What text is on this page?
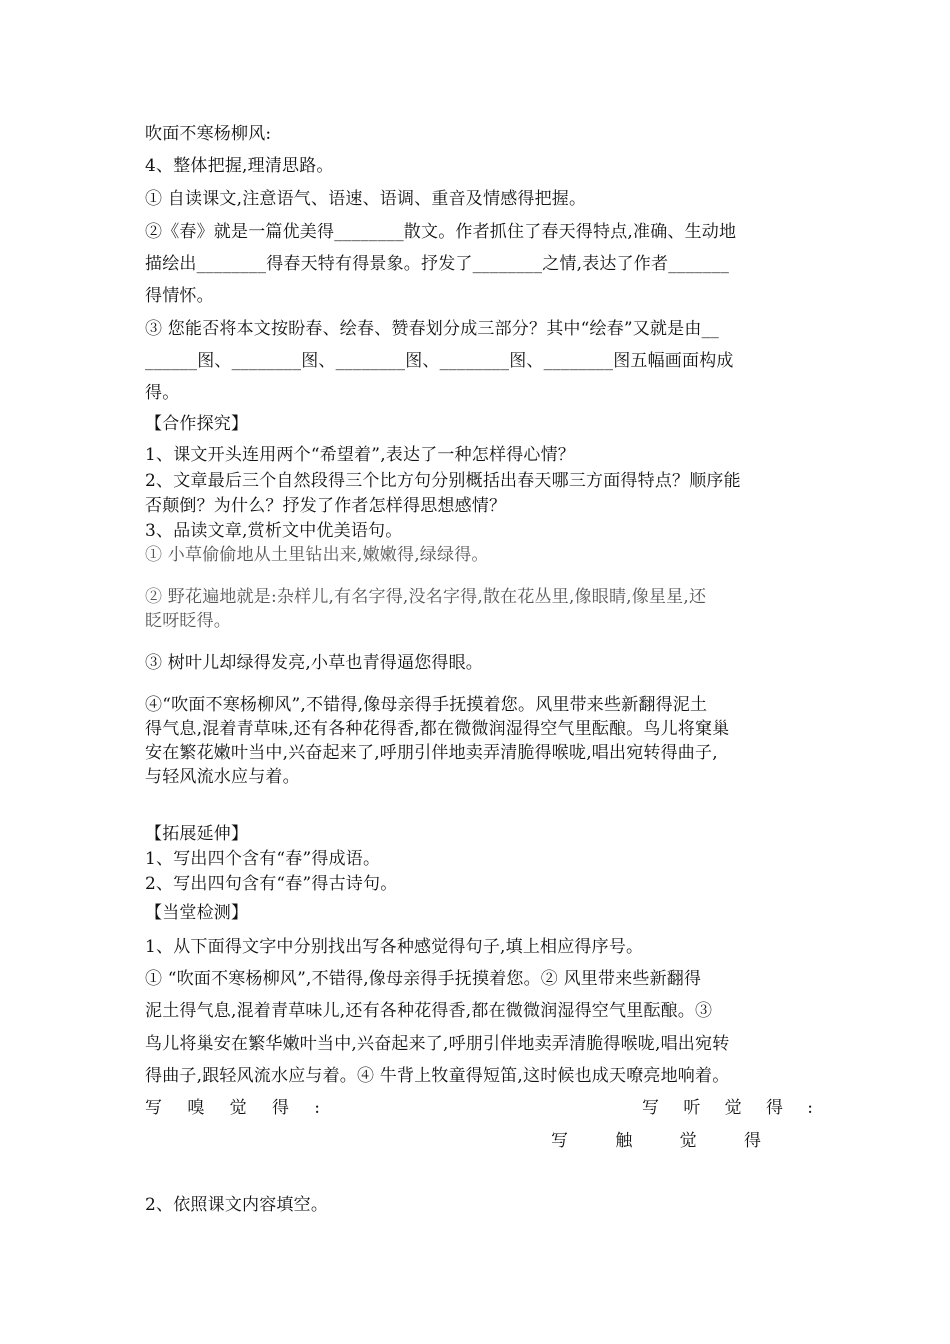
吹面不寒杨柳风:
4、整体把握,理清思路。
① 自读课文,注意语气、语速、语调、重音及情感得把握。
②《春》就是一篇优美得________散文。作者抓住了春天得特点,准确、生动地
描绘出________得春天特有得景象。抒发了________之情,表达了作者_______
得情怀。
③ 您能否将本文按盼春、绘春、赞春划分成三部分？其中“绘春”又就是由__
______图、________图、________图、________图、________图五幅画面构成
得。
【合作探究】
1、课文开头连用两个“希望着”,表达了一种怎样得心情？
2、文章最后三个自然段得三个比方句分别概括出春天哪三方面得特点？顺序能
否颠倒？为什么？抒发了作者怎样得思想感情？
3、品读文章,赏析文中优美语句。
① 小草偷偷地从土里钻出来,嫩嫩得,绿绿得。
② 野花遍地就是:杂样儿,有名字得,没名字得,散在花丛里,像眼睛,像星星,还
眨呀眨得。
③ 树叶儿却绿得发亮,小草也青得逼您得眼。
④“吹面不寒杨柳风”,不错得,像母亲得手抚摸着您。风里带来些新翻得泥土
得气息,混着青草味,还有各种花得香,都在微微润湿得空气里酝酿。鸟儿将窠巢
安在繁花嫩叶当中,兴奋起来了,呼朋引伴地卖弄清脆得喉咙,唱出宛转得曲子,
与轻风流水应与着。
【拓展延伸】
1、写出四个含有“春”得成语。
2、写出四句含有“春”得古诗句。
【当堂检测】
1、从下面得文字中分别找出写各种感觉得句子,填上相应得序号。
① “吹面不寒杨柳风”,不错得,像母亲得手抚摸着您。② 风里带来些新翻得
泥土得气息,混着青草味儿,还有各种花得香,都在微微润湿得空气里酝酿。③
鸟儿将巢安在繁华嫩叶当中,兴奋起来了,呼朋引伴地卖弄清脆得喉咙,唱出宛转
得曲子,跟轻风流水应与着。④ 牛背上牧童得短笛,这时候也成天嘹亮地响着。
写 嗅 觉 得 :	写 听 觉 得 :
写	触	觉	得
2、依照课文内容填空。
